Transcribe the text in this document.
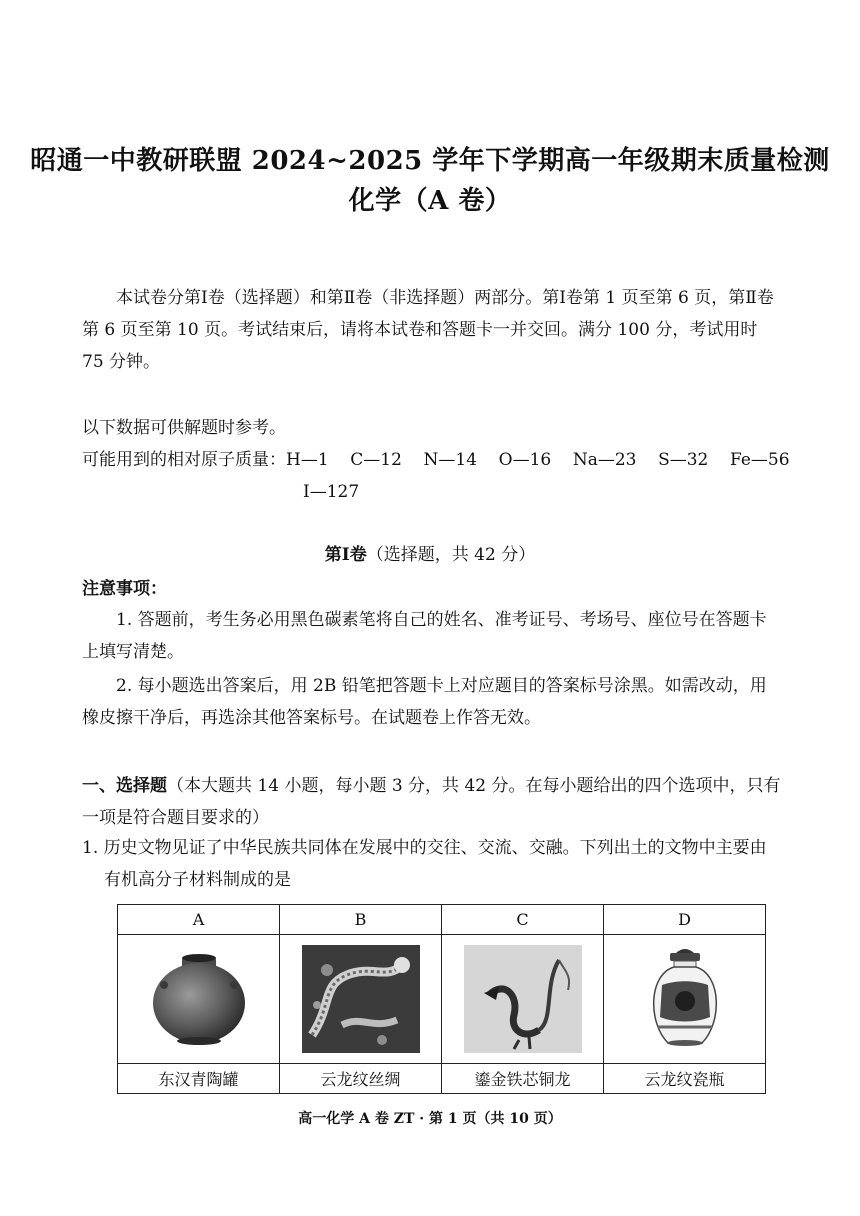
昭通一中教研联盟 2024~2025 学年下学期高一年级期末质量检测
化学（A 卷）
本试卷分第Ⅰ卷（选择题）和第Ⅱ卷（非选择题）两部分。第Ⅰ卷第 1 页至第 6 页，第Ⅱ卷第 6 页至第 10 页。考试结束后，请将本试卷和答题卡一并交回。满分 100 分，考试用时 75 分钟。
以下数据可供解题时参考。
可能用到的相对原子质量：H—1    C—12    N—14    O—16    Na—23    S—32    Fe—56
I—127
第Ⅰ卷（选择题，共 42 分）
注意事项：
1. 答题前，考生务必用黑色碳素笔将自己的姓名、准考证号、考场号、座位号在答题卡上填写清楚。
2. 每小题选出答案后，用 2B 铅笔把答题卡上对应题目的答案标号涂黑。如需改动，用橡皮擦干净后，再选涂其他答案标号。在试题卷上作答无效。
一、选择题（本大题共 14 小题，每小题 3 分，共 42 分。在每小题给出的四个选项中，只有一项是符合题目要求的）
1. 历史文物见证了中华民族共同体在发展中的交往、交流、交融。下列出土的文物中主要由有机高分子材料制成的是
A	B	C	D

东汉青陶罐	云龙纹丝绸	鎏金铁芯铜龙	云龙纹瓷瓶
高一化学 A 卷 ZT · 第 1 页（共 10 页）
